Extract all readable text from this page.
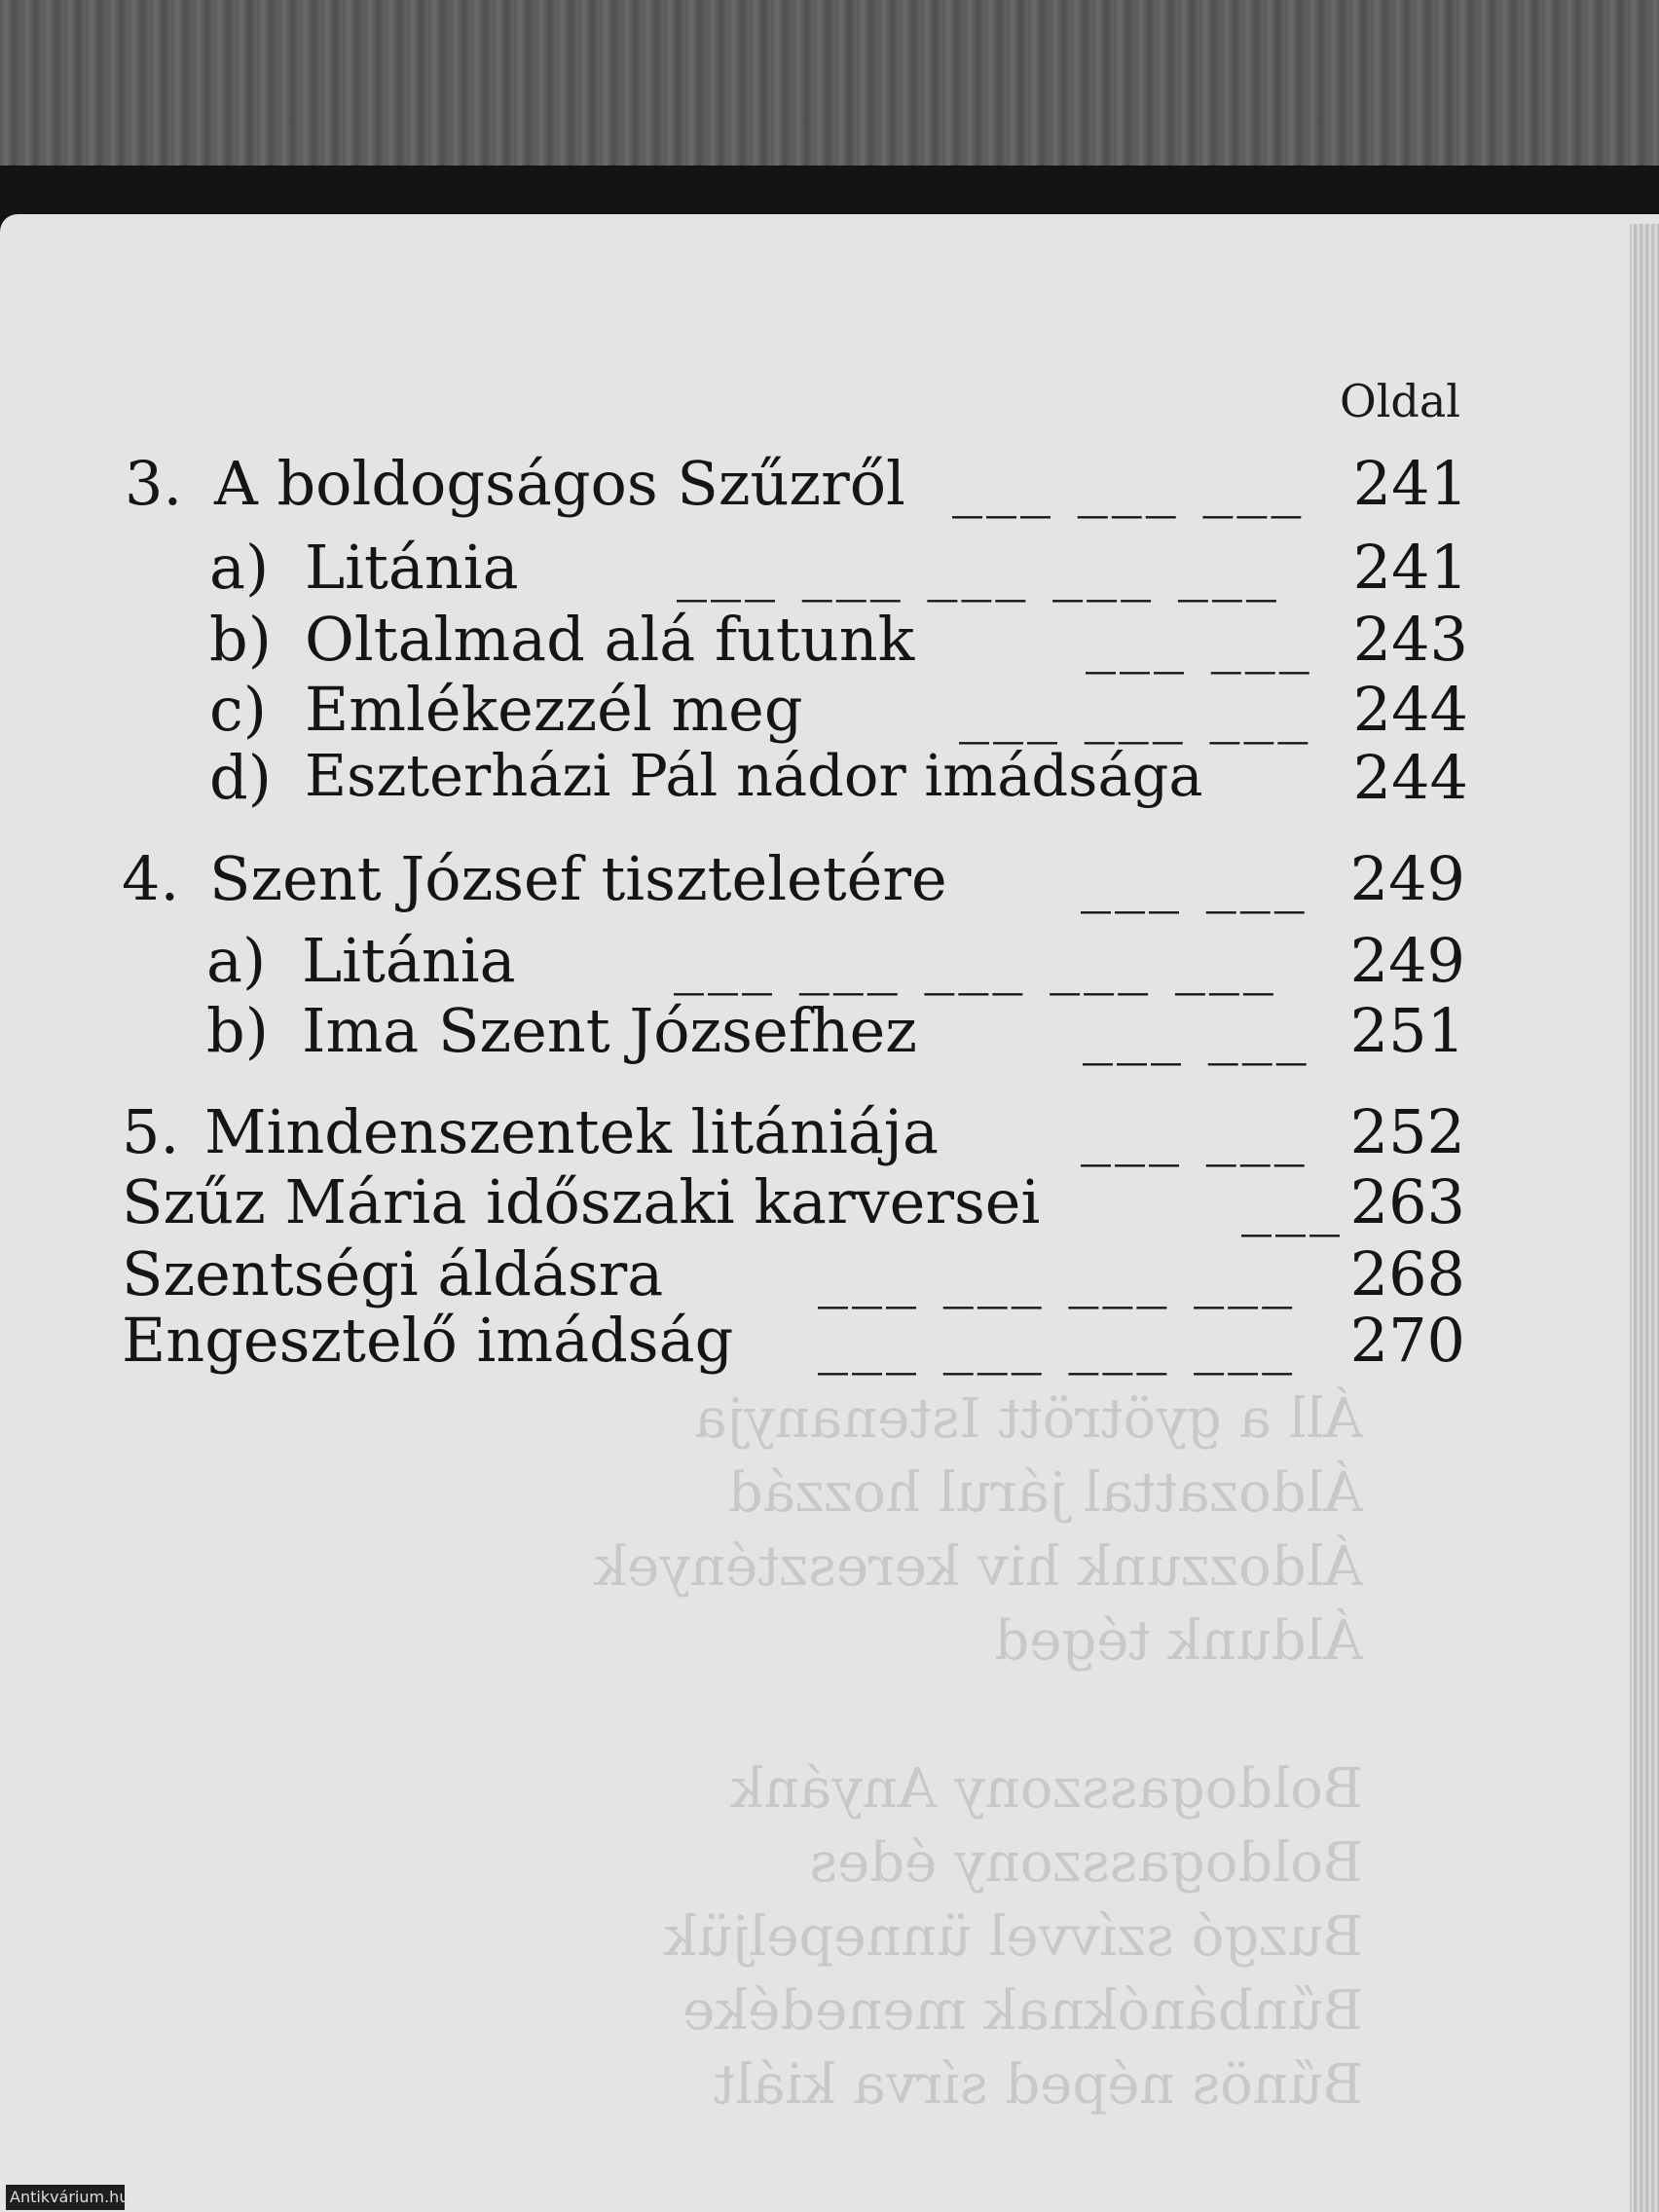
Áll a gyötrött Istenanyja
Áldozattal járul hozzád
Áldozzunk hiv keresztények
Áldunk téged
Boldogasszony Anyánk
Boldogasszony édes
Buzgó szívvel ünnepeljük
Bűnbánóknak menedéke
Bűnös néped sírva kiált
Oldal
3. A boldogságos Szűzről ___ ___ ___ 241
a) Litánia	___ ___ ___ ___ ___ 241
b) Oltalmad alá futunk	___ ___ 243
c) Emlékezzél meg	___ ___ ___ 244
d) Eszterházi Pál nádor imádsága 244
4. Szent József tiszteletére ___ ___ 249
a) Litánia	___ ___ ___ ___ ___ 249
b) Ima Szent Józsefhez	___ ___ 251
5. Mindenszentek litániája ___ ___ 252
Szűz Mária időszaki karversei	___ 263
Szentségi áldásra	___ ___ ___ ___ 268
Engesztelő imádság ___ ___ ___ ___ 270
Antikvárium.hu
